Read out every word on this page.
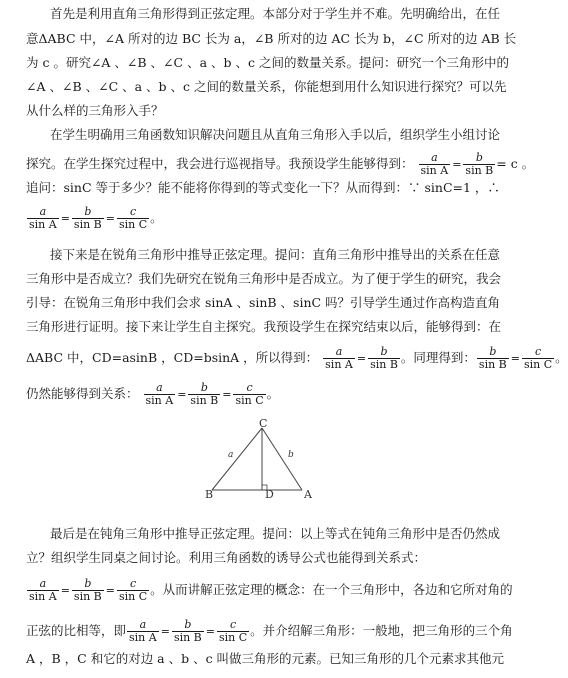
首先是利用直角三角形得到正弦定理。本部分对于学生并不难。先明确给出，在任
意ΔABC 中，∠A 所对的边 BC 长为 a，∠B 所对的边 AC 长为 b，∠C 所对的边 AB 长
为 c 。研究∠A 、∠B 、∠C 、a 、b 、c 之间的数量关系。提问：研究一个三角形中的
∠A 、∠B 、∠C 、a 、b 、c 之间的数量关系，你能想到用什么知识进行探究？可以先
从什么样的三角形入手？
在学生明确用三角函数知识解决问题且从直角三角形入手以后，组织学生小组讨论
探究。在学生探究过程中，我会进行巡视指导。我预设学生能够得到： $\frac{a}{\text{sin A}} = \frac{b}{\text{sin B}} = c$ 。
追问：sinC 等于多少？能不能将你得到的等式变化一下？从而得到：∵ sinC=1 ，∴
$\frac{a}{\text{sin A}} = \frac{b}{\text{sin B}} = \frac{c}{\text{sin C}}$ 。
接下来是在锐角三角形中推导正弦定理。提问：直角三角形中推导出的关系在任意
三角形中是否成立？我们先研究在锐角三角形中是否成立。为了便于学生的研究，我会
引导：在锐角三角形中我们会求 sinA 、sinB 、sinC 吗？引导学生通过作高构造直角
三角形进行证明。接下来让学生自主探究。我预设学生在探究结束以后，能够得到：在
ΔABC 中，CD=asinB ，CD=bsinA ，所以得到： $\frac{a}{\text{sin A}} = \frac{b}{\text{sin B}}$ 。同理得到： $\frac{b}{\text{sin B}} = \frac{c}{\text{sin C}}$ 。
仍然能够得到关系： $\frac{a}{\text{sin A}} = \frac{b}{\text{sin B}} = \frac{c}{\text{sin C}}$ 。
B	A
C
D
a	b
最后是在钝角三角形中推导正弦定理。提问：以上等式在钝角三角形中是否仍然成
立？组织学生同桌之间讨论。利用三角函数的诱导公式也能得到关系式：
$\frac{a}{\text{sin A}} = \frac{b}{\text{sin B}} = \frac{c}{\text{sin C}}$ 。从而讲解正弦定理的概念：在一个三角形中，各边和它所对角的
正弦的比相等，即 $\frac{a}{\text{sin A}} = \frac{b}{\text{sin B}} = \frac{c}{\text{sin C}}$ 。并介绍解三角形：一般地，把三角形的三个角
A ，B ，C 和它的对边 a 、b 、c 叫做三角形的元素。已知三角形的几个元素求其他元
